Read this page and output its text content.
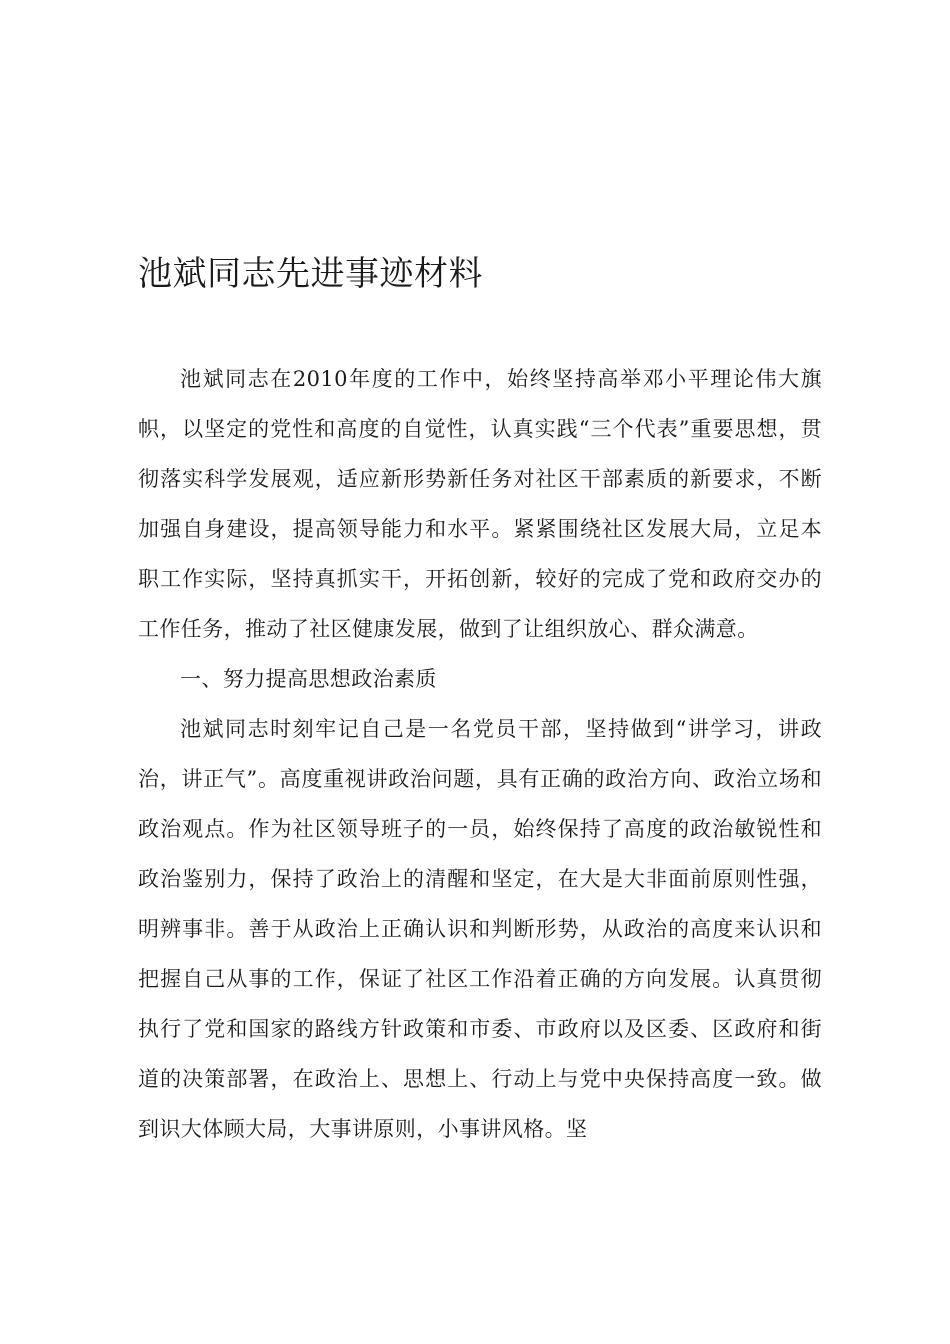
池斌同志先进事迹材料

池斌同志在2010年度的工作中，始终坚持高举邓小平理论伟大旗帜，以坚定的党性和高度的自觉性，认真实践“三个代表”重要思想，贯彻落实科学发展观，适应新形势新任务对社区干部素质的新要求，不断加强自身建设，提高领导能力和水平。紧紧围绕社区发展大局，立足本职工作实际，坚持真抓实干，开拓创新，较好的完成了党和政府交办的工作任务，推动了社区健康发展，做到了让组织放心、群众满意。

一、努力提高思想政治素质

池斌同志时刻牢记自己是一名党员干部，坚持做到“讲学习，讲政治，讲正气”。高度重视讲政治问题，具有正确的政治方向、政治立场和政治观点。作为社区领导班子的一员，始终保持了高度的政治敏锐性和政治鉴别力，保持了政治上的清醒和坚定，在大是大非面前原则性强，明辨事非。善于从政治上正确认识和判断形势，从政治的高度来认识和把握自己从事的工作，保证了社区工作沿着正确的方向发展。认真贯彻执行了党和国家的路线方针政策和市委、市政府以及区委、区政府和街道的决策部署，在政治上、思想上、行动上与党中央保持高度一致。做到识大体顾大局，大事讲原则，小事讲风格。坚
